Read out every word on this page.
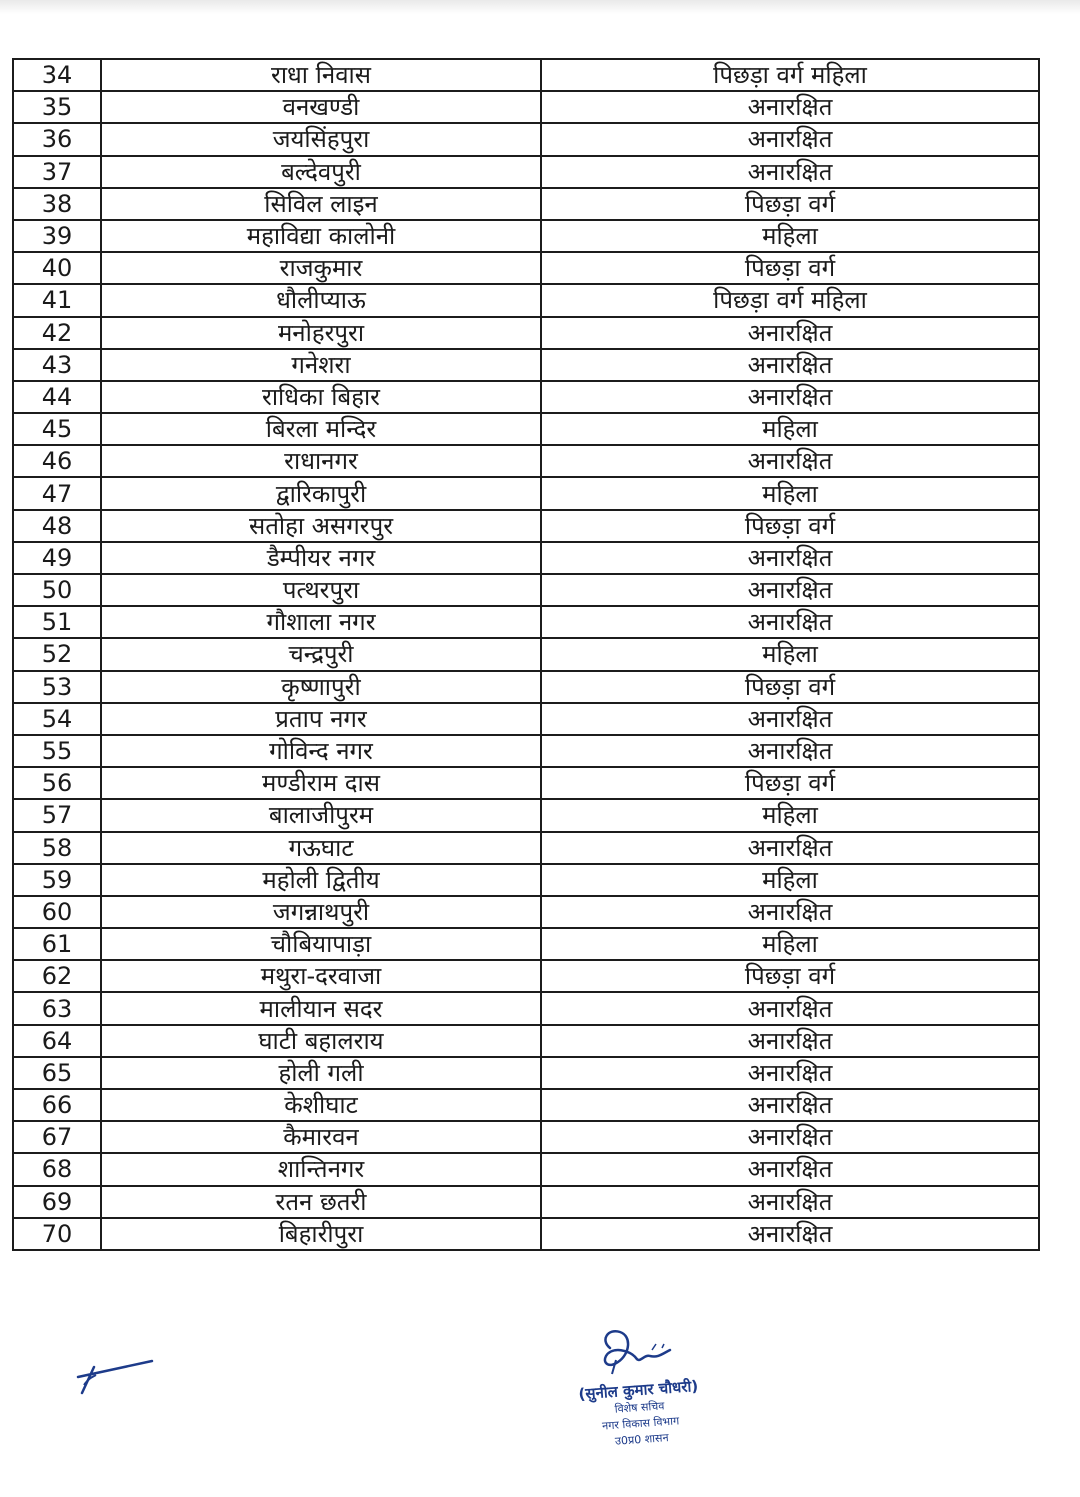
34	राधा निवास	पिछड़ा वर्ग महिला
35	वनखण्डी	अनारक्षित
36	जयसिंहपुरा	अनारक्षित
37	बल्देवपुरी	अनारक्षित
38	सिविल लाइन	पिछड़ा वर्ग
39	महाविद्या कालोनी	महिला
40	राजकुमार	पिछड़ा वर्ग
41	धौलीप्याऊ	पिछड़ा वर्ग महिला
42	मनोहरपुरा	अनारक्षित
43	गनेशरा	अनारक्षित
44	राधिका बिहार	अनारक्षित
45	बिरला मन्दिर	महिला
46	राधानगर	अनारक्षित
47	द्वारिकापुरी	महिला
48	सतोहा असगरपुर	पिछड़ा वर्ग
49	डैम्पीयर नगर	अनारक्षित
50	पत्थरपुरा	अनारक्षित
51	गौशाला नगर	अनारक्षित
52	चन्द्रपुरी	महिला
53	कृष्णापुरी	पिछड़ा वर्ग
54	प्रताप नगर	अनारक्षित
55	गोविन्द नगर	अनारक्षित
56	मण्डीराम दास	पिछड़ा वर्ग
57	बालाजीपुरम	महिला
58	गऊघाट	अनारक्षित
59	महोली द्वितीय	महिला
60	जगन्नाथपुरी	अनारक्षित
61	चौबियापाड़ा	महिला
62	मथुरा-दरवाजा	पिछड़ा वर्ग
63	मालीयान सदर	अनारक्षित
64	घाटी बहालराय	अनारक्षित
65	होली गली	अनारक्षित
66	केशीघाट	अनारक्षित
67	कैमारवन	अनारक्षित
68	शान्तिनगर	अनारक्षित
69	रतन छतरी	अनारक्षित
70	बिहारीपुरा	अनारक्षित
(सुनील कुमार चौधरी)
विशेष सचिव
नगर विकास विभाग
उ0प्र0 शासन
